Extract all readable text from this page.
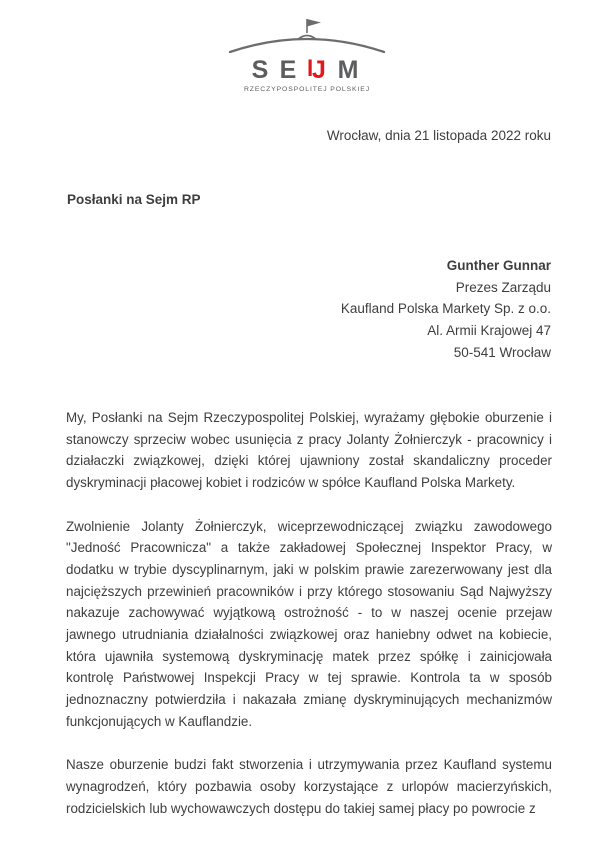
S E J M
RZECZYPOSPOLITEJ POLSKIEJ
Wrocław, dnia 21 listopada 2022 roku
Posłanki na Sejm RP
Gunther Gunnar
Prezes Zarządu
Kaufland Polska Markety Sp. z o.o.
Al. Armii Krajowej 47
50-541 Wrocław

My, Posłanki na Sejm Rzeczypospolitej Polskiej, wyrażamy głębokie oburzenie i stanowczy sprzeciw wobec usunięcia z pracy Jolanty Żołnierczyk - pracownicy i działaczki związkowej, dzięki której ujawniony został skandaliczny proceder dyskryminacji płacowej kobiet i rodziców w spółce Kaufland Polska Markety.

Zwolnienie Jolanty Żołnierczyk, wiceprzewodniczącej związku zawodowego "Jedność Pracownicza" a także zakładowej Społecznej Inspektor Pracy, w dodatku w trybie dyscyplinarnym, jaki w polskim prawie zarezerwowany jest dla najcięższych przewinień pracowników i przy którego stosowaniu Sąd Najwyższy nakazuje zachowywać wyjątkową ostrożność - to w naszej ocenie przejaw jawnego utrudniania działalności związkowej oraz haniebny odwet na kobiecie, która ujawniła systemową dyskryminację matek przez spółkę i zainicjowała kontrolę Państwowej Inspekcji Pracy w tej sprawie. Kontrola ta w sposób jednoznaczny potwierdziła i nakazała zmianę dyskryminujących mechanizmów funkcjonujących w Kauflandzie.

Nasze oburzenie budzi fakt stworzenia i utrzymywania przez Kaufland systemu wynagrodzeń, który pozbawia osoby korzystające z urlopów macierzyńskich, rodzicielskich lub wychowawczych dostępu do takiej samej płacy po powrocie z
